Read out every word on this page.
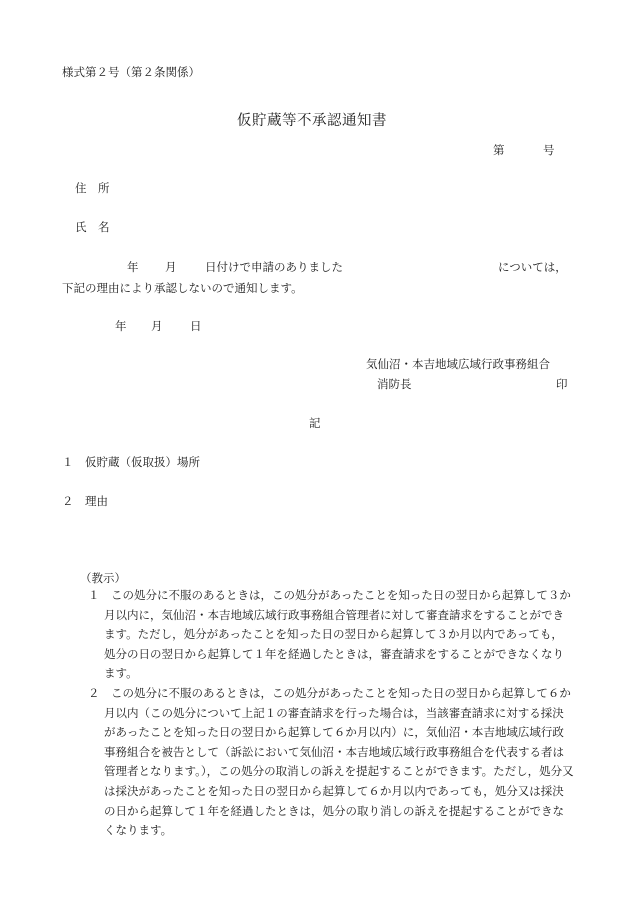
様式第２号（第２条関係）
仮貯蔵等不承認通知書
第	号
住　所
氏　名
年 月 日付けで申請のありました	については，
下記の理由により承認しないので通知します。
年 月 日
気仙沼・本吉地域広域行政事務組合
消防長	印
記
１　仮貯蔵（仮取扱）場所
２　理由
（教示）

１　この処分に不服のあるときは，この処分があったことを知った日の翌日から起算して３か月以内に，気仙沼・本吉地域広域行政事務組合管理者に対して審査請求をすることができます。ただし，処分があったことを知った日の翌日から起算して３か月以内であっても，処分の日の翌日から起算して１年を経過したときは，審査請求をすることができなくなります。

２　この処分に不服のあるときは，この処分があったことを知った日の翌日から起算して６か月以内（この処分について上記１の審査請求を行った場合は，当該審査請求に対する採決があったことを知った日の翌日から起算して６か月以内）に，気仙沼・本吉地域広域行政事務組合を被告として（訴訟において気仙沼・本吉地域広域行政事務組合を代表する者は管理者となります。），この処分の取消しの訴えを提起することができます。ただし，処分又は採決があったことを知った日の翌日から起算して６か月以内であっても，処分又は採決の日から起算して１年を経過したときは，処分の取り消しの訴えを提起することができなくなります。
